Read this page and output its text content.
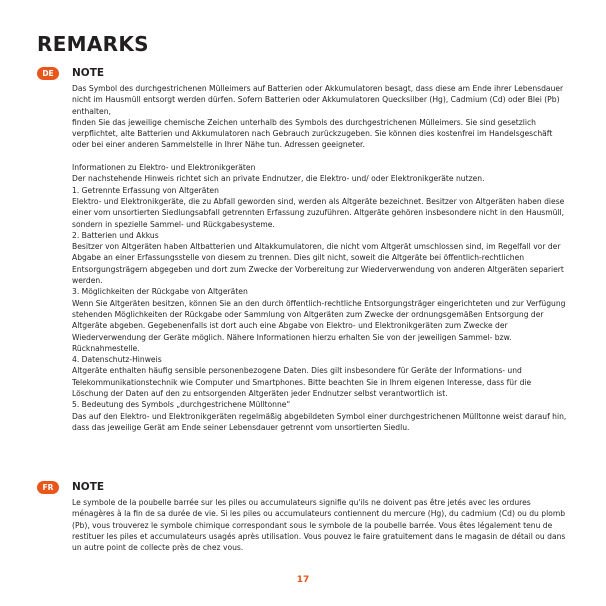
REMARKS
DE	NOTE

Das Symbol des durchgestrichenen Mülleimers auf Batterien oder Akkumulatoren besagt, dass diese am Ende ihrer Lebensdauer nicht im Hausmüll entsorgt werden dürfen. Sofern Batterien oder Akkumulatoren Quecksilber (Hg), Cadmium (Cd) oder Blei (Pb) enthalten,

finden Sie das jeweilige chemische Zeichen unterhalb des Symbols des durchgestrichenen Mülleimers. Sie sind gesetzlich verpflichtet, alte Batterien und Akkumulatoren nach Gebrauch zurückzugeben. Sie können dies kostenfrei im Handelsgeschäft oder bei einer anderen Sammelstelle in Ihrer Nähe tun. Adressen geeigneter.

Informationen zu Elektro- und Elektronikgeräten

Der nachstehende Hinweis richtet sich an private Endnutzer, die Elektro- und/ oder Elektronikgeräte nutzen.

1. Getrennte Erfassung von Altgeräten

Elektro- und Elektronikgeräte, die zu Abfall geworden sind, werden als Altgeräte bezeichnet. Besitzer von Altgeräten haben diese einer vom unsortierten Siedlungsabfall getrennten Erfassung zuzuführen. Altgeräte gehören insbesondere nicht in den Hausmüll, sondern in spezielle Sammel- und Rückgabesysteme.

2. Batterien und Akkus

Besitzer von Altgeräten haben Altbatterien und Altakkumulatoren, die nicht vom Altgerät umschlossen sind, im Regelfall vor der Abgabe an einer Erfassungsstelle von diesem zu trennen. Dies gilt nicht, soweit die Altgeräte bei öffentlich-rechtlichen Entsorgungsträgern abgegeben und dort zum Zwecke der Vorbereitung zur Wiederverwendung von anderen Altgeräten separiert werden.

3. Möglichkeiten der Rückgabe von Altgeräten

Wenn Sie Altgeräten besitzen, können Sie an den durch öffentlich-rechtliche Entsorgungsträger eingerichteten und zur Verfügung stehenden Möglichkeiten der Rückgabe oder Sammlung von Altgeräten zum Zwecke der ordnungsgemäßen Entsorgung der Altgeräte abgeben. Gegebenenfalls ist dort auch eine Abgabe von Elektro- und Elektronikgeräten zum Zwecke der Wiederverwendung der Geräte möglich. Nähere Informationen hierzu erhalten Sie von der jeweiligen Sammel- bzw. Rücknahmestelle.

4. Datenschutz-Hinweis

Altgeräte enthalten häufig sensible personenbezogene Daten. Dies gilt insbesondere für Geräte der Informations- und Telekommunikationstechnik wie Computer und Smartphones. Bitte beachten Sie in Ihrem eigenen Interesse, dass für die Löschung der Daten auf den zu entsorgenden Altgeräten jeder Endnutzer selbst verantwortlich ist.

5. Bedeutung des Symbols „durchgestrichene Mülltonne“

Das auf den Elektro- und Elektronikgeräten regelmäßig abgebildeten Symbol einer durchgestrichenen Mülltonne weist darauf hin, dass das jeweilige Gerät am Ende seiner Lebensdauer getrennt vom unsortierten Siedlu.

FR	NOTE

Le symbole de la poubelle barrée sur les piles ou accumulateurs signifie qu'ils ne doivent pas être jetés avec les ordures ménagères à la fin de sa durée de vie. Si les piles ou accumulateurs contiennent du mercure (Hg), du cadmium (Cd) ou du plomb (Pb), vous trouverez le symbole chimique correspondant sous le symbole de la poubelle barrée. Vous êtes légalement tenu de restituer les piles et accumulateurs usagés après utilisation. Vous pouvez le faire gratuitement dans le magasin de détail ou dans un autre point de collecte près de chez vous.

17
